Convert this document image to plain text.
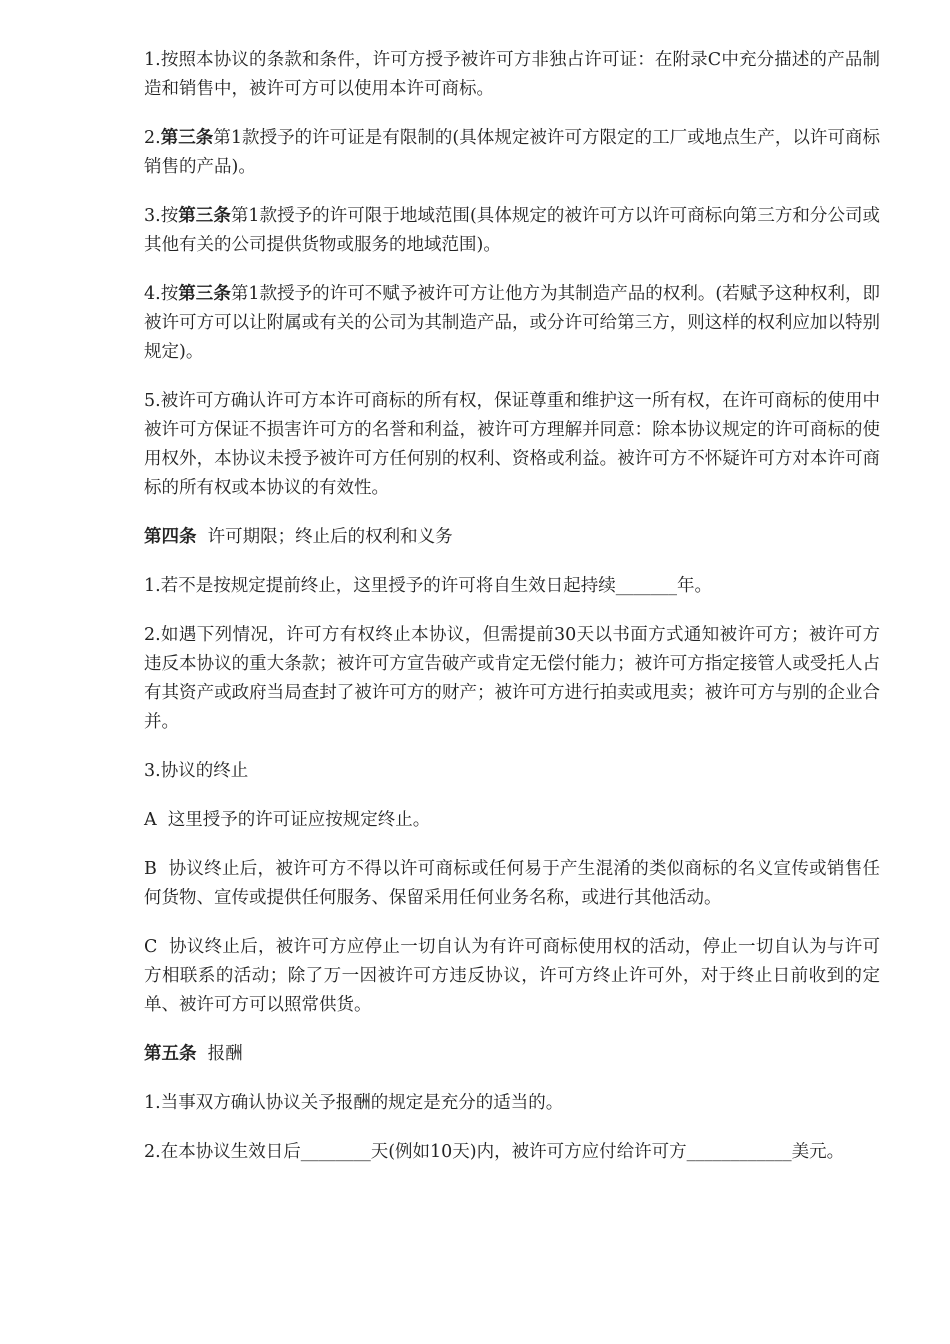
1.按照本协议的条款和条件，许可方授予被许可方非独占许可证：在附录C中充分描述的产品制造和销售中，被许可方可以使用本许可商标。

2.第三条第1款授予的许可证是有限制的(具体规定被许可方限定的工厂或地点生产，以许可商标销售的产品)。

3.按第三条第1款授予的许可限于地域范围(具体规定的被许可方以许可商标向第三方和分公司或其他有关的公司提供货物或服务的地域范围)。

4.按第三条第1款授予的许可不赋予被许可方让他方为其制造产品的权利。(若赋予这种权利，即被许可方可以让附属或有关的公司为其制造产品，或分许可给第三方，则这样的权利应加以特别规定)。

5.被许可方确认许可方本许可商标的所有权，保证尊重和维护这一所有权，在许可商标的使用中被许可方保证不损害许可方的名誉和利益，被许可方理解并同意：除本协议规定的许可商标的使用权外，本协议未授予被许可方任何别的权利、资格或利益。被许可方不怀疑许可方对本许可商标的所有权或本协议的有效性。

第四条  许可期限；终止后的权利和义务

1.若不是按规定提前终止，这里授予的许可将自生效日起持续_______年。

2.如遇下列情况，许可方有权终止本协议，但需提前30天以书面方式通知被许可方；被许可方违反本协议的重大条款；被许可方宣告破产或肯定无偿付能力；被许可方指定接管人或受托人占有其资产或政府当局查封了被许可方的财产；被许可方进行拍卖或甩卖；被许可方与别的企业合并。

3.协议的终止

A  这里授予的许可证应按规定终止。

B  协议终止后，被许可方不得以许可商标或任何易于产生混淆的类似商标的名义宣传或销售任何货物、宣传或提供任何服务、保留采用任何业务名称，或进行其他活动。

C  协议终止后，被许可方应停止一切自认为有许可商标使用权的活动，停止一切自认为与许可方相联系的活动；除了万一因被许可方违反协议，许可方终止许可外，对于终止日前收到的定单、被许可方可以照常供货。

第五条  报酬

1.当事双方确认协议关予报酬的规定是充分的适当的。

2.在本协议生效日后________天(例如10天)内，被许可方应付给许可方____________美元。
